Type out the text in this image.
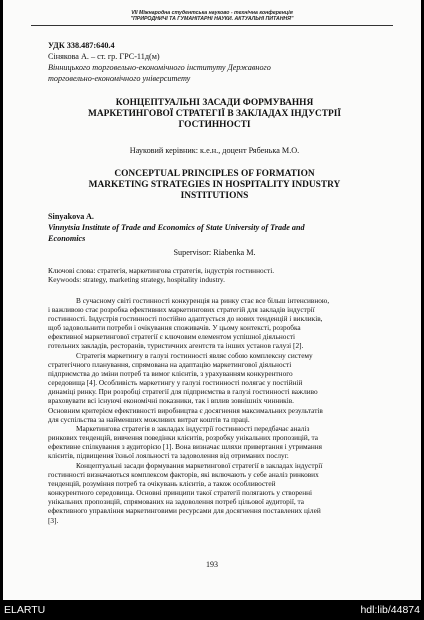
VII Міжнародна студентська науково - технічна конференція
"ПРИРОДНИЧІ ТА ГУМАНІТАРНІ НАУКИ. АКТУАЛЬНІ ПИТАННЯ"
УДК 338.487:640.4
Сінякова А. – ст. гр. ГРС-11д(м)
Вінницького торговельно-економічного інституту Державного
торговельно-економічного університету
КОНЦЕПТУАЛЬНІ ЗАСАДИ ФОРМУВАННЯ
МАРКЕТИНГОВОЇ СТРАТЕГІЇ В ЗАКЛАДАХ ІНДУСТРІЇ
ГОСТИННОСТІ
Науковий керівник: к.е.н., доцент Рябенька М.О.
CONCEPTUAL PRINCIPLES OF FORMATION
MARKETING STRATEGIES IN HOSPITALITY INDUSTRY
INSTITUTIONS
Sinyakova A.
Vinnytsia Institute of Trade and Economics of State University of Trade and
Economics
Supervisor: Riabenka M.
Ключові слова: стратегія, маркетингова стратегія, індустрія гостинності.
Keywoods: strategy, marketing strategy, hospitality industry.
В сучасному світі гостинності конкуренція на ринку стає все більш інтенсивною,
і важливою стає розробка ефективних маркетингових стратегій для закладів індустрії
гостинності. Індустрія гостинності постійно адаптується до нових тенденцій і викликів,
щоб задовольнити потреби і очікування споживачів. У цьому контексті, розробка
ефективної маркетингової стратегії є ключовим елементом успішної діяльності
готельних закладів, ресторанів, туристичних агентств та інших установ галузі [2].
Стратегія маркетингу в галузі гостинності являє собою комплексну систему
стратегічного планування, спрямована на адаптацію маркетингової діяльності
підприємства до зміни потреб та вимог клієнтів, з урахуванням конкурентного
середовища [4]. Особливість маркетингу у галузі гостинності полягає у постійній
динаміці ринку. При розробці стратегії для підприємства в галузі гостинності важливо
враховувати всі існуючі економічні показники, так і вплив зовнішніх чинників.
Основним критерієм ефективності виробництва є досягнення максимальних результатів
для суспільства за найменших можливих витрат коштів та праці.
Маркетингова стратегія в закладах індустрії гостинності передбачає аналіз
ринкових тенденцій, вивчення поведінки клієнтів, розробку унікальних пропозицій, та
ефективне спілкування з аудиторією [1]. Вона визначає шляхи привертання і утримання
клієнтів, підвищення їхньої лояльності та задоволення від отриманих послуг.
Концептуальні засади формування маркетингової стратегії в закладах індустрії
гостинності визначаються комплексом факторів, які включають у себе аналіз ринкових
тенденцій, розуміння потреб та очікувань клієнтів, а також особливостей
конкурентного середовища. Основні принципи такої стратегії полягають у створенні
унікальних пропозицій, спрямованих на задоволення потреб цільової аудиторії, та
ефективного управління маркетинговими ресурсами для досягнення поставлених цілей
[3].
193
ELARTU	hdl:lib/44874
